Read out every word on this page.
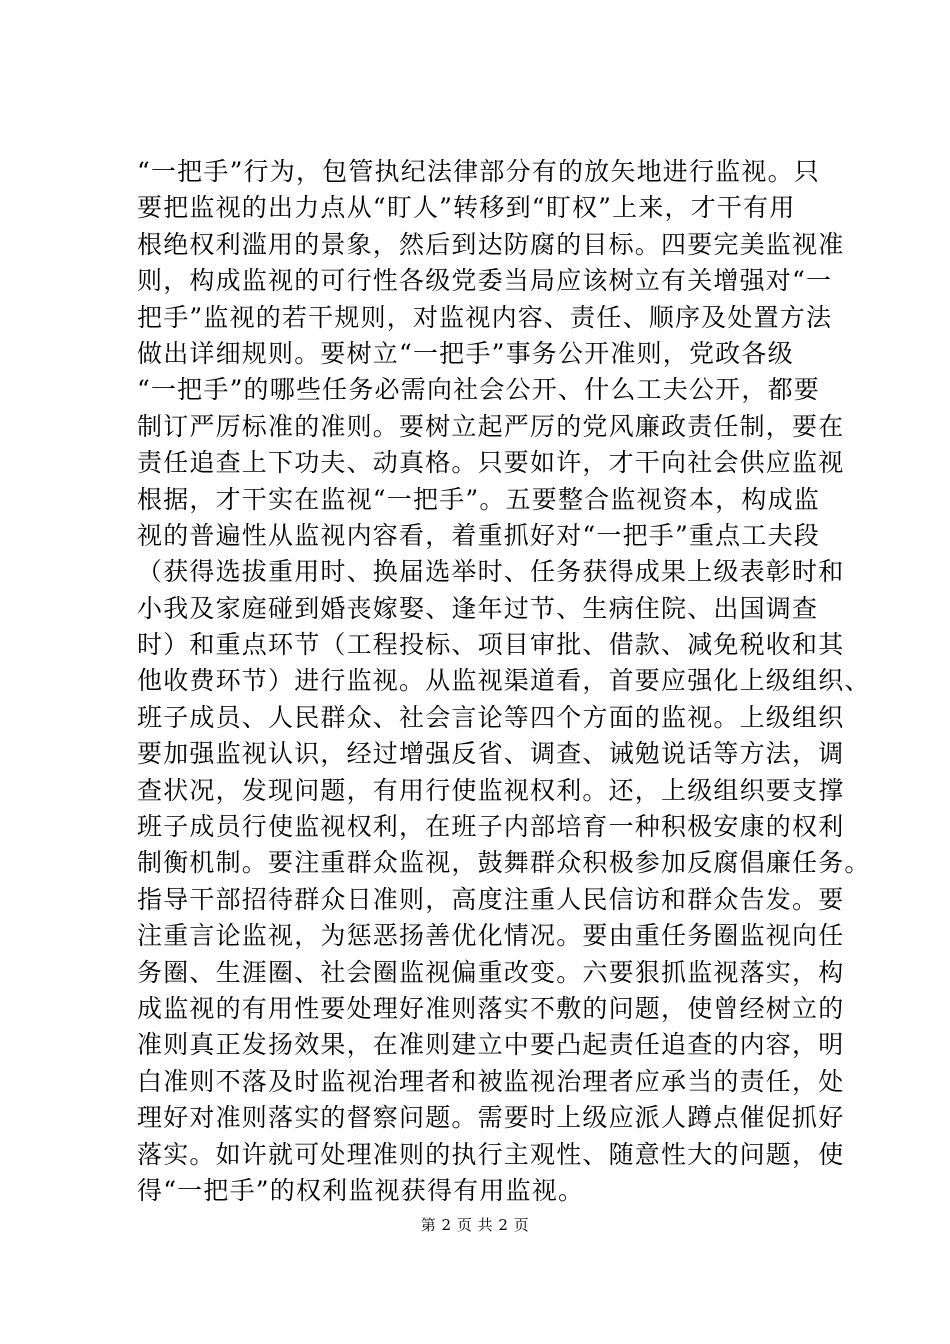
“一把手”行为，包管执纪法律部分有的放矢地进行监视。只
要把监视的出力点从“盯人”转移到“盯权”上来，才干有用
根绝权利滥用的景象，然后到达防腐的目标。四要完美监视准
则，构成监视的可行性各级党委当局应该树立有关增强对“一
把手”监视的若干规则，对监视内容、责任、顺序及处置方法
做出详细规则。要树立“一把手”事务公开准则，党政各级
“一把手”的哪些任务必需向社会公开、什么工夫公开，都要
制订严厉标准的准则。要树立起严厉的党风廉政责任制，要在
责任追查上下功夫、动真格。只要如许，才干向社会供应监视
根据，才干实在监视“一把手”。五要整合监视资本，构成监
视的普遍性从监视内容看，着重抓好对“一把手”重点工夫段
（获得选拔重用时、换届选举时、任务获得成果上级表彰时和
小我及家庭碰到婚丧嫁娶、逢年过节、生病住院、出国调查
时）和重点环节（工程投标、项目审批、借款、减免税收和其
他收费环节）进行监视。从监视渠道看，首要应强化上级组织、
班子成员、人民群众、社会言论等四个方面的监视。上级组织
要加强监视认识，经过增强反省、调查、诫勉说话等方法，调
查状况，发现问题，有用行使监视权利。还，上级组织要支撑
班子成员行使监视权利，在班子内部培育一种积极安康的权利
制衡机制。要注重群众监视，鼓舞群众积极参加反腐倡廉任务。
指导干部招待群众日准则，高度注重人民信访和群众告发。要
注重言论监视，为惩恶扬善优化情况。要由重任务圈监视向任
务圈、生涯圈、社会圈监视偏重改变。六要狠抓监视落实，构
成监视的有用性要处理好准则落实不敷的问题，使曾经树立的
准则真正发扬效果，在准则建立中要凸起责任追查的内容，明
白准则不落及时监视治理者和被监视治理者应承当的责任，处
理好对准则落实的督察问题。需要时上级应派人蹲点催促抓好
落实。如许就可处理准则的执行主观性、随意性大的问题，使
得“一把手”的权利监视获得有用监视。
第 2 页 共 2 页
